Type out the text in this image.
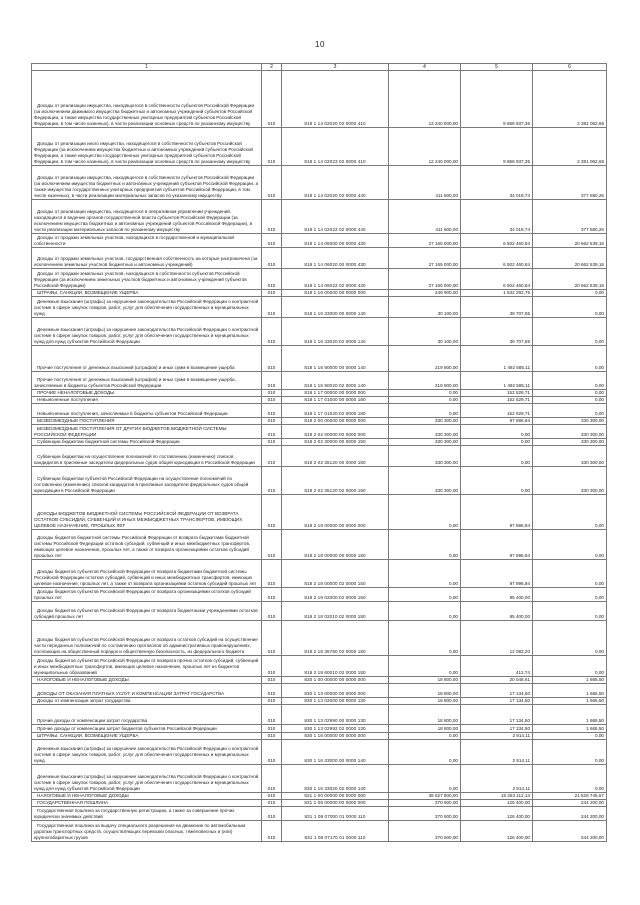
10
1	2	3	4	5	6
Доходы от реализации имущества, находящегося в собственности субъектов Российской Федерации (за исключением движимого имущества бюджетных и автономных учреждений субъектов Российской Федерации, а также имущества государственных унитарных предприятий субъектов Российской Федерации, в том числе казенных), в части реализации основных средств по указанному имуществу	010	818 1 14 02020 02 0000 410	12 240 000,00	9 858 937,35	2 381 062,65
Доходы от реализации иного имущества, находящегося в собственности субъектов Российской Федерации (за исключением имущества бюджетных и автономных учреждений субъектов Российской Федерации, а также имущества государственных унитарных предприятий субъектов Российской Федерации, в том числе казенных), в части реализации основных средств по указанному имуществу	010	818 1 14 02023 02 0000 410	12 240 000,00	9 858 937,35	2 381 062,65
Доходы от реализации имущества, находящегося в собственности субъектов Российской Федерации (за исключением имущества бюджетных и автономных учреждений субъектов Российской Федерации, а также имущества государственных унитарных предприятий субъектов Российской Федерации, в том числе казенных), в части реализации материальных запасов по указанному имуществу	010	818 1 14 02020 02 0000 440	411 600,00	34 019,74	377 580,26
Доходы от реализации имущества, находящегося в оперативном управлении учреждений, находящихся в ведении органов государственной власти субъектов Российской Федерации (за исключением имущества бюджетных и автономных учреждений субъектов Российской Федерации), в части реализации материальных запасов по указанному имуществу	010	818 1 14 02022 02 0000 440	411 600,00	34 019,74	377 580,26
Доходы от продажи земельных участков, находящихся в государственной и муниципальной собственности	010	818 1 14 06000 00 0000 430	27 165 000,00	6 502 460,84	20 662 539,16
Доходы от продажи земельных участков, государственная собственность на которые разграничена (за исключением земельных участков бюджетных и автономных учреждений)	010	818 1 14 06020 00 0000 430	27 165 000,00	6 502 460,84	20 662 539,16
Доходы от продажи земельных участков, находящихся в собственности субъектов Российской Федерации (за исключением земельных участков бюджетных и автономных учреждений субъектов Российской Федерации)	010	818 1 14 06022 02 0000 430	27 165 000,00	6 502 460,84	20 662 539,16
ШТРАФЫ, САНКЦИИ, ВОЗМЕЩЕНИЕ УЩЕРБА	010	818 1 16 00000 00 0000 000	249 900,00	1 532 292,76	0,00
Денежные взыскания (штрафы) за нарушение законодательства Российской Федерации о контрактной системе в сфере закупок товаров, работ, услуг для обеспечения государственных и муниципальных нужд	010	818 1 16 33000 00 0000 140	30 100,00	39 707,65	0,00
Денежные взыскания (штрафы) за нарушение законодательства Российской Федерации о контрактной системе в сфере закупок товаров, работ, услуг для обеспечения государственных и муниципальных нужд для нужд субъектов Российской Федерации	010	818 1 16 33020 02 0000 140	30 100,00	39 707,65	0,00
Прочие поступления от денежных взысканий (штрафов) и иных сумм в возмещение ущерба	010	818 1 16 90000 00 0000 140	219 800,00	1 492 585,11	0,00
Прочие поступления от денежных взысканий (штрафов) и иных сумм в возмещение ущерба, зачисляемые в бюджеты субъектов Российской Федерации	010	818 1 16 90020 02 0000 140	219 800,00	1 492 585,11	0,00
ПРОЧИЕ НЕНАЛОГОВЫЕ ДОХОДЫ	010	818 1 17 00000 00 0000 000	0,00	152 529,71	0,00
Невыясненные поступления	010	818 1 17 01000 00 0000 180	0,00	152 529,71	0,00
Невыясненные поступления, зачисляемые в бюджеты субъектов Российской Федерации	010	818 1 17 01020 02 0000 180	0,00	152 529,71	0,00
БЕЗВОЗМЕЗДНЫЕ ПОСТУПЛЕНИЯ	010	818 2 00 00000 00 0000 000	330 300,00	97 896,94	330 300,00
БЕЗВОЗМЕЗДНЫЕ ПОСТУПЛЕНИЯ ОТ ДРУГИХ БЮДЖЕТОВ БЮДЖЕТНОЙ СИСТЕМЫ РОССИЙСКОЙ ФЕДЕРАЦИИ	010	818 2 02 00000 00 0000 000	330 300,00	0,00	330 300,00
Субвенции бюджетам бюджетной системы Российской Федерации	010	818 2 02 30000 00 0000 150	330 300,00	0,00	330 300,00
Субвенции бюджетам на осуществление полномочий по составлению (изменению) списков кандидатов в присяжные заседатели федеральных судов общей юрисдикции в Российской Федерации	010	818 2 02 35120 00 0000 150	330 300,00	0,00	330 300,00
Субвенции бюджетам субъектов Российской Федерации на осуществление полномочий по составлению (изменению) списков кандидатов в присяжные заседатели федеральных судов общей юрисдикции в Российской Федерации	010	818 2 02 35120 02 0000 150	330 300,00	0,00	330 300,00
ДОХОДЫ БЮДЖЕТОВ БЮДЖЕТНОЙ СИСТЕМЫ РОССИЙСКОЙ ФЕДЕРАЦИИ ОТ ВОЗВРАТА ОСТАТКОВ СУБСИДИЙ, СУБВЕНЦИЙ И ИНЫХ МЕЖБЮДЖЕТНЫХ ТРАНСФЕРТОВ, ИМЕЮЩИХ ЦЕЛЕВОЕ НАЗНАЧЕНИЕ, ПРОШЛЫХ ЛЕТ	010	818 2 18 00000 00 0000 000	0,00	97 896,94	0,00
Доходы бюджетов бюджетной системы Российской Федерации от возврата бюджетами бюджетной системы Российской Федерации остатков субсидий, субвенций и иных межбюджетных трансфертов, имеющих целевое назначение, прошлых лет, а также от возврата организациями остатков субсидий прошлых лет	010	818 2 18 00000 00 0000 150	0,00	97 896,94	0,00
Доходы бюджетов субъектов Российской Федерации от возврата бюджетами бюджетной системы Российской Федерации остатков субсидий, субвенций и иных межбюджетных трансфертов, имеющих целевое назначение, прошлых лет, а также от возврата организациями остатков субсидий прошлых лет	010	818 2 18 00000 02 0000 150	0,00	97 896,94	0,00
Доходы бюджетов субъектов Российской Федерации от возврата организациями остатков субсидий прошлых лет	010	818 2 18 02000 02 0000 150	0,00	85 400,00	0,00
Доходы бюджетов субъектов Российской Федерации от возврата бюджетными учреждениями остатков субсидий прошлых лет	010	818 2 18 02010 02 0000 150	0,00	85 400,00	0,00
Доходы бюджетов субъектов Российской Федерации от возврата остатков субсидий на осуществление части переданных полномочий по составлению протоколов об административных правонарушениях, посягающих на общественный порядок и общественную безопасность, из федерального бюджета	010	818 2 18 35750 02 0000 150	0,00	12 083,20	0,00
Доходы бюджетов субъектов Российской Федерации от возврата прочих остатков субсидий, субвенций и иных межбюджетных трансфертов, имеющих целевое назначение, прошлых лет из бюджетов муниципальных образований	010	818 2 18 60010 02 0000 150	0,00	412,74	0,00
НАЛОГОВЫЕ И НЕНАЛОГОВЫЕ ДОХОДЫ	010	830 1 00 00000 00 0000 000	18 800,00	20 048,61	1 665,50
ДОХОДЫ ОТ ОКАЗАНИЯ ПЛАТНЫХ УСЛУГ И КОМПЕНСАЦИИ ЗАТРАТ ГОСУДАРСТВА	010	830 1 13 00000 00 0000 000	18 800,00	17 134,50	1 665,50
Доходы от компенсации затрат государства	010	830 1 13 02000 00 0000 130	18 800,00	17 134,50	1 665,50
Прочие доходы от компенсации затрат государства	010	830 1 13 02990 00 0000 130	18 800,00	17 134,50	1 665,50
Прочие доходы от компенсации затрат бюджетов субъектов Российской Федерации	010	830 1 13 02992 02 0000 130	18 800,00	17 134,50	1 665,50
ШТРАФЫ, САНКЦИИ, ВОЗМЕЩЕНИЕ УЩЕРБА	010	830 1 16 00000 00 0000 000	0,00	2 914,11	0,00
Денежные взыскания (штрафы) за нарушение законодательства Российской Федерации о контрактной системе в сфере закупок товаров, работ, услуг для обеспечения государственных и муниципальных нужд	010	830 1 16 33000 00 0000 140	0,00	2 914,11	0,00
Денежные взыскания (штрафы) за нарушение законодательства Российской Федерации о контрактной системе в сфере закупок товаров, работ, услуг для обеспечения государственных и муниципальных нужд для нужд субъектов Российской Федерации	010	830 1 16 33020 02 0000 140	0,00	2 914,11	0,00
НАЛОГОВЫЕ И НЕНАЛОГОВЫЕ ДОХОДЫ	010	831 1 00 00000 00 0000 000	36 627 800,00	15 253 112,13	21 528 745,57
ГОСУДАРСТВЕННАЯ ПОШЛИНА	010	831 1 08 00000 00 0000 000	370 600,00	126 400,00	244 200,00
Государственная пошлина за государственную регистрацию, а также за совершение прочих юридически значимых действий	010	831 1 08 07000 01 0000 110	370 600,00	126 400,00	244 200,00
Государственная пошлина за выдачу специального разрешения на движение по автомобильным дорогам транспортных средств, осуществляющих перевозки опасных, тяжеловесных и (или) крупногабаритных грузов	010	831 1 08 07170 01 0000 110	370 600,00	126 400,00	244 200,00
